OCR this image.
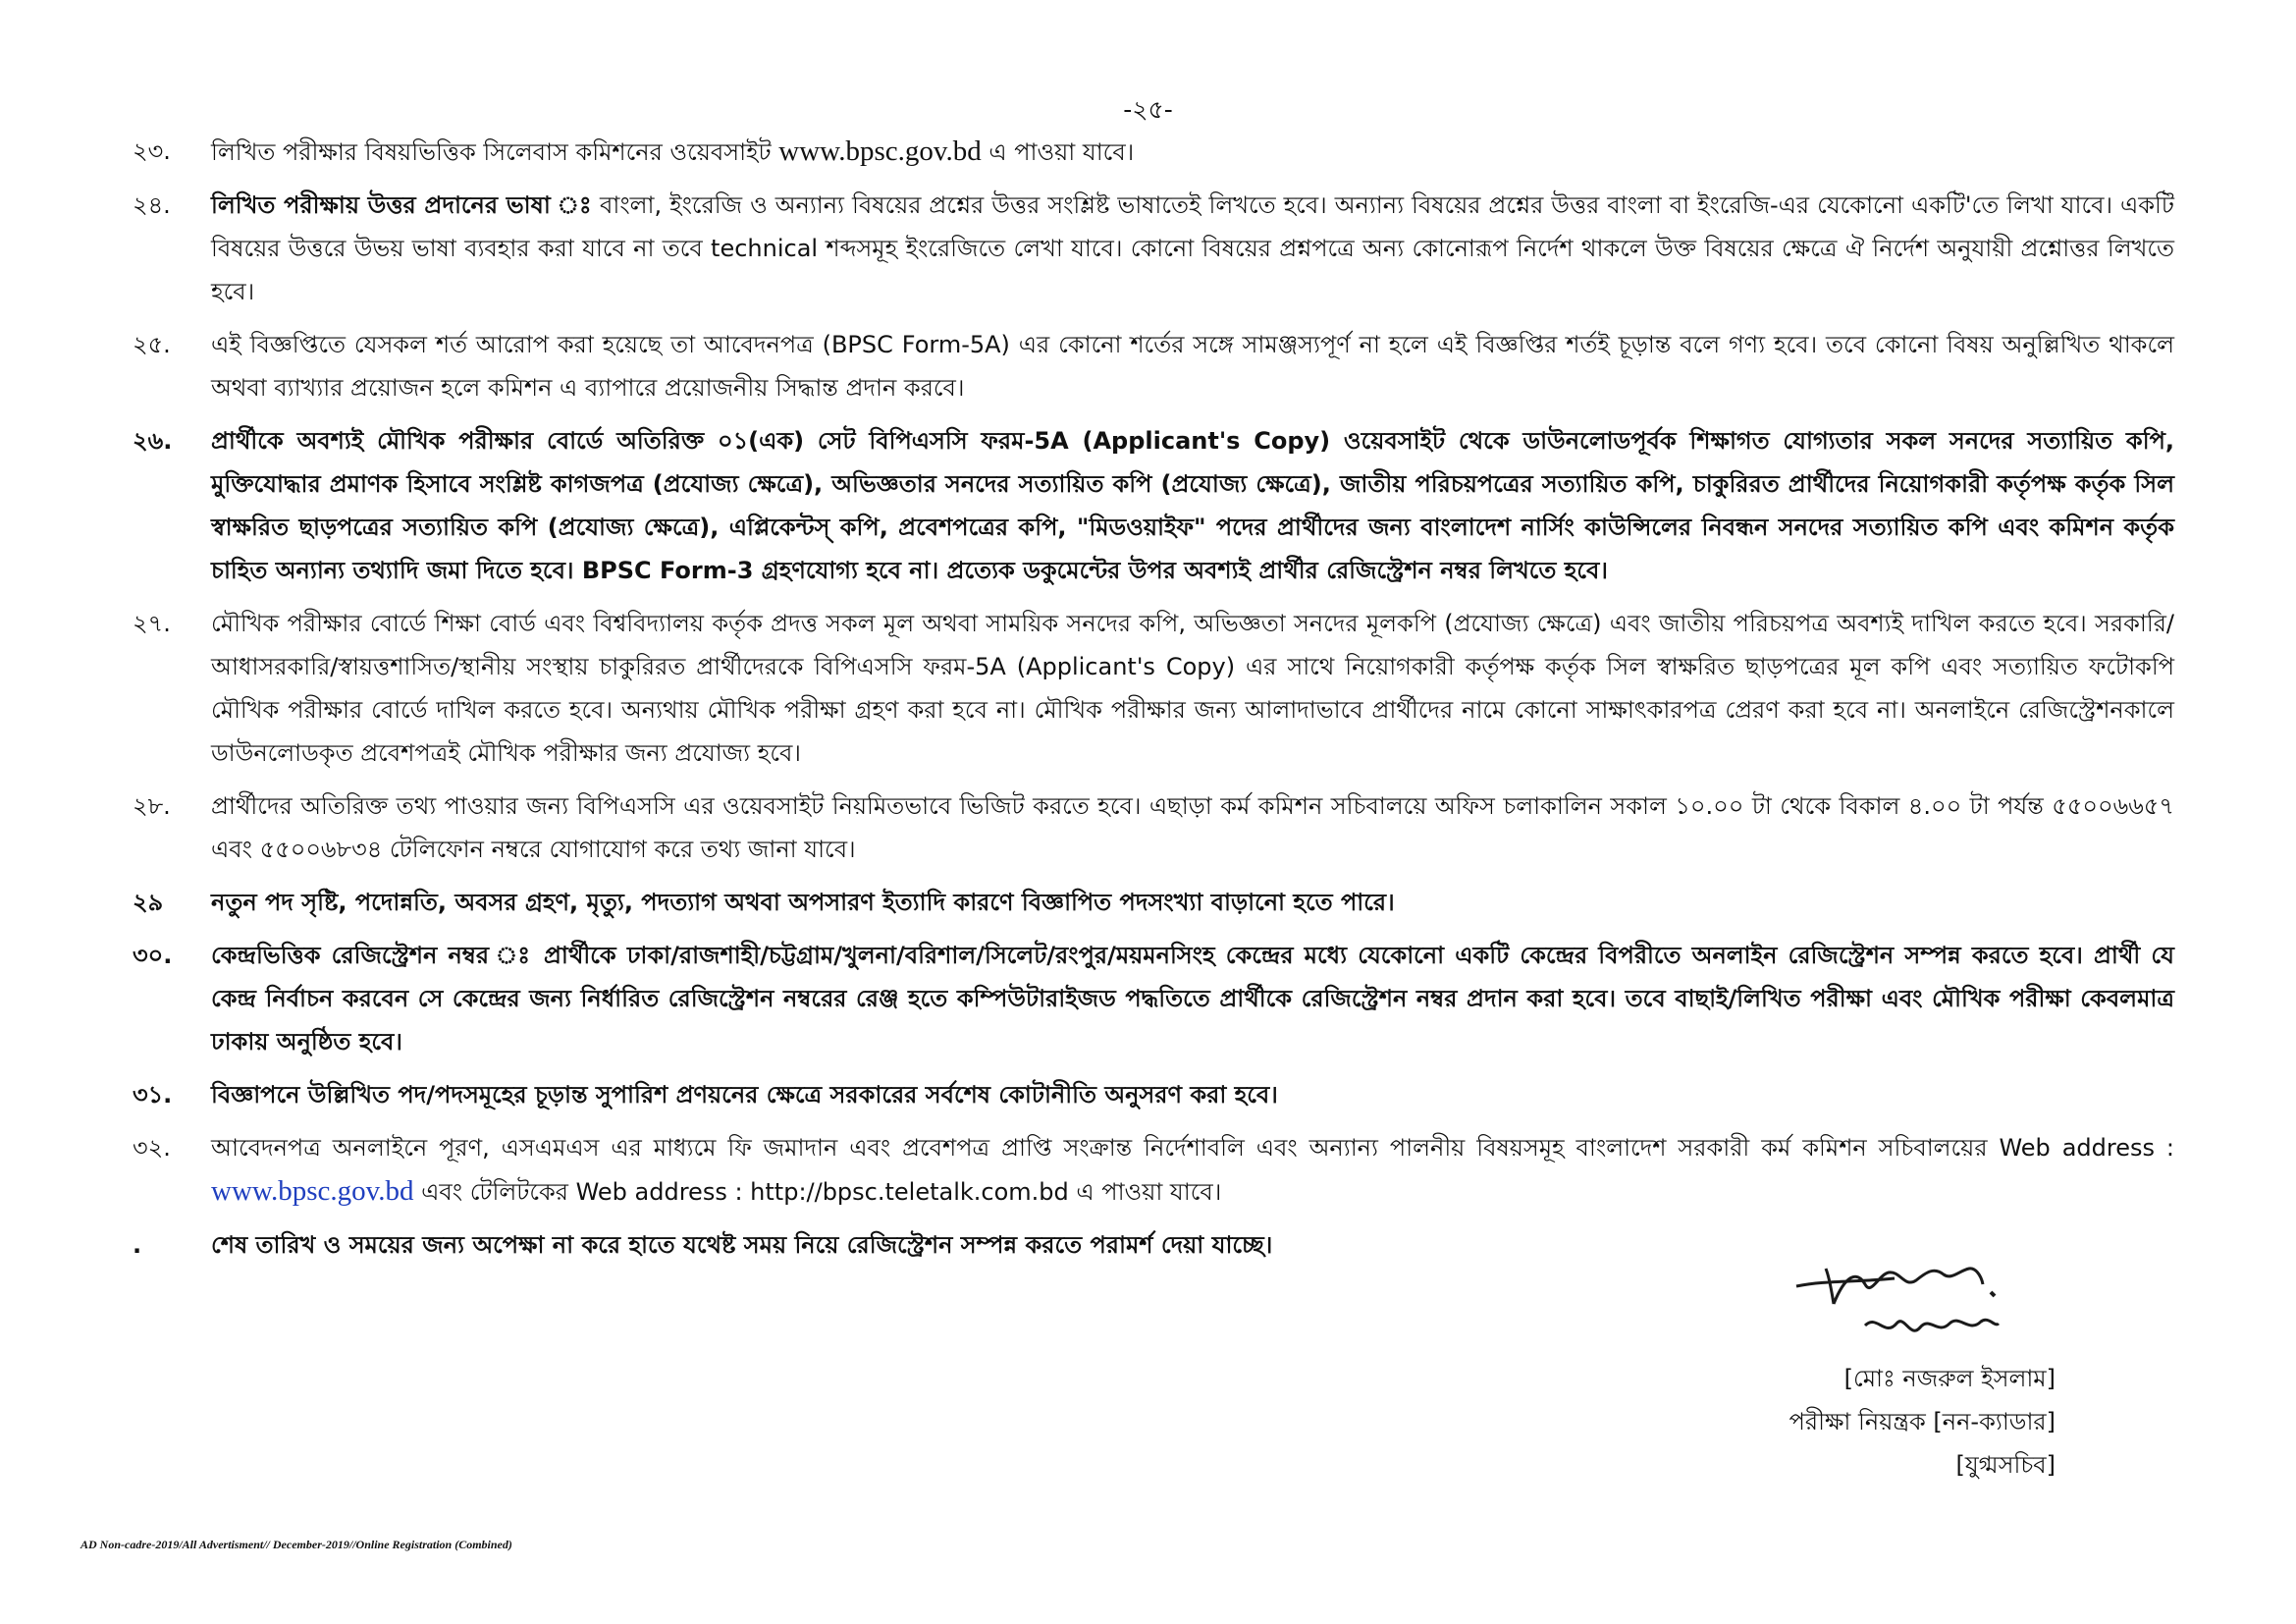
-২৫-
২৩.	লিখিত পরীক্ষার বিষয়ভিত্তিক সিলেবাস কমিশনের ওয়েবসাইট www.bpsc.gov.bd এ পাওয়া যাবে।
২৪.	লিখিত পরীক্ষায় উত্তর প্রদানের ভাষা ঃ বাংলা, ইংরেজি ও অন্যান্য বিষয়ের প্রশ্নের উত্তর সংশ্লিষ্ট ভাষাতেই লিখতে হবে। অন্যান্য বিষয়ের প্রশ্নের উত্তর বাংলা বা ইংরেজি-এর যেকোনো একটি'তে লিখা যাবে। একটি বিষয়ের উত্তরে উভয় ভাষা ব্যবহার করা যাবে না তবে technical শব্দসমূহ ইংরেজিতে লেখা যাবে। কোনো বিষয়ের প্রশ্নপত্রে অন্য কোনোরূপ নির্দেশ থাকলে উক্ত বিষয়ের ক্ষেত্রে ঐ নির্দেশ অনুযায়ী প্রশ্নোত্তর লিখতে হবে।
২৫.	এই বিজ্ঞপ্তিতে যেসকল শর্ত আরোপ করা হয়েছে তা আবেদনপত্র (BPSC Form-5A) এর কোনো শর্তের সঙ্গে সামঞ্জস্যপূর্ণ না হলে এই বিজ্ঞপ্তির শর্তই চূড়ান্ত বলে গণ্য হবে। তবে কোনো বিষয় অনুল্লিখিত থাকলে অথবা ব্যাখ্যার প্রয়োজন হলে কমিশন এ ব্যাপারে প্রয়োজনীয় সিদ্ধান্ত প্রদান করবে।
২৬.	প্রার্থীকে অবশ্যই মৌখিক পরীক্ষার বোর্ডে অতিরিক্ত ০১(এক) সেট বিপিএসসি ফরম-5A (Applicant's Copy) ওয়েবসাইট থেকে ডাউনলোডপূর্বক শিক্ষাগত যোগ্যতার সকল সনদের সত্যায়িত কপি, মুক্তিযোদ্ধার প্রমাণক হিসাবে সংশ্লিষ্ট কাগজপত্র (প্রযোজ্য ক্ষেত্রে), অভিজ্ঞতার সনদের সত্যায়িত কপি (প্রযোজ্য ক্ষেত্রে), জাতীয় পরিচয়পত্রের সত্যায়িত কপি, চাকুরিরত প্রার্থীদের নিয়োগকারী কর্তৃপক্ষ কর্তৃক সিল স্বাক্ষরিত ছাড়পত্রের সত্যায়িত কপি (প্রযোজ্য ক্ষেত্রে), এপ্লিকেন্টস্ কপি, প্রবেশপত্রের কপি, "মিডওয়াইফ" পদের প্রার্থীদের জন্য বাংলাদেশ নার্সিং কাউন্সিলের নিবন্ধন সনদের সত্যায়িত কপি এবং কমিশন কর্তৃক চাহিত অন্যান্য তথ্যাদি জমা দিতে হবে। BPSC Form-3 গ্রহণযোগ্য হবে না। প্রত্যেক ডকুমেন্টের উপর অবশ্যই প্রার্থীর রেজিস্ট্রেশন নম্বর লিখতে হবে।
২৭.	মৌখিক পরীক্ষার বোর্ডে শিক্ষা বোর্ড এবং বিশ্ববিদ্যালয় কর্তৃক প্রদত্ত সকল মূল অথবা সাময়িক সনদের কপি, অভিজ্ঞতা সনদের মূলকপি (প্রযোজ্য ক্ষেত্রে) এবং জাতীয় পরিচয়পত্র অবশ্যই দাখিল করতে হবে। সরকারি/ আধাসরকারি/স্বায়ত্তশাসিত/স্থানীয় সংস্থায় চাকুরিরত প্রার্থীদেরকে বিপিএসসি ফরম-5A (Applicant's Copy) এর সাথে নিয়োগকারী কর্তৃপক্ষ কর্তৃক সিল স্বাক্ষরিত ছাড়পত্রের মূল কপি এবং সত্যায়িত ফটোকপি মৌখিক পরীক্ষার বোর্ডে দাখিল করতে হবে। অন্যথায় মৌখিক পরীক্ষা গ্রহণ করা হবে না। মৌখিক পরীক্ষার জন্য আলাদাভাবে প্রার্থীদের নামে কোনো সাক্ষাৎকারপত্র প্রেরণ করা হবে না। অনলাইনে রেজিস্ট্রেশনকালে ডাউনলোডকৃত প্রবেশপত্রই মৌখিক পরীক্ষার জন্য প্রযোজ্য হবে।
২৮.	প্রার্থীদের অতিরিক্ত তথ্য পাওয়ার জন্য বিপিএসসি এর ওয়েবসাইট নিয়মিতভাবে ভিজিট করতে হবে। এছাড়া কর্ম কমিশন সচিবালয়ে অফিস চলাকালিন সকাল ১০.০০ টা থেকে বিকাল ৪.০০ টা পর্যন্ত ৫৫০০৬৬৫৭ এবং ৫৫০০৬৮৩৪ টেলিফোন নম্বরে যোগাযোগ করে তথ্য জানা যাবে।
২৯	নতুন পদ সৃষ্টি, পদোন্নতি, অবসর গ্রহণ, মৃত্যু, পদত্যাগ অথবা অপসারণ ইত্যাদি কারণে বিজ্ঞাপিত পদসংখ্যা বাড়ানো হতে পারে।
৩০.	কেন্দ্রভিত্তিক রেজিস্ট্রেশন নম্বর ঃ প্রার্থীকে ঢাকা/রাজশাহী/চট্টগ্রাম/খুলনা/বরিশাল/সিলেট/রংপুর/ময়মনসিংহ কেন্দ্রের মধ্যে যেকোনো একটি কেন্দ্রের বিপরীতে অনলাইন রেজিস্ট্রেশন সম্পন্ন করতে হবে। প্রার্থী যে কেন্দ্র নির্বাচন করবেন সে কেন্দ্রের জন্য নির্ধারিত রেজিস্ট্রেশন নম্বরের রেঞ্জ হতে কম্পিউটারাইজড পদ্ধতিতে প্রার্থীকে রেজিস্ট্রেশন নম্বর প্রদান করা হবে। তবে বাছাই/লিখিত পরীক্ষা এবং মৌখিক পরীক্ষা কেবলমাত্র ঢাকায় অনুষ্ঠিত হবে।
৩১.	বিজ্ঞাপনে উল্লিখিত পদ/পদসমূহের চূড়ান্ত সুপারিশ প্রণয়নের ক্ষেত্রে সরকারের সর্বশেষ কোটানীতি অনুসরণ করা হবে।
৩২.	আবেদনপত্র অনলাইনে পূরণ, এসএমএস এর মাধ্যমে ফি জমাদান এবং প্রবেশপত্র প্রাপ্তি সংক্রান্ত নির্দেশাবলি এবং অন্যান্য পালনীয় বিষয়সমূহ বাংলাদেশ সরকারী কর্ম কমিশন সচিবালয়ের Web address : www.bpsc.gov.bd এবং টেলিটকের Web address : http://bpsc.teletalk.com.bd এ পাওয়া যাবে।
.	শেষ তারিখ ও সময়ের জন্য অপেক্ষা না করে হাতে যথেষ্ট সময় নিয়ে রেজিস্ট্রেশন সম্পন্ন করতে পরামর্শ দেয়া যাচ্ছে।
[মোঃ নজরুল ইসলাম]
পরীক্ষা নিয়ন্ত্রক [নন-ক্যাডার]
[যুগ্মসচিব]
AD Non-cadre-2019/All Advertisment// December-2019//Online Registration (Combined)
